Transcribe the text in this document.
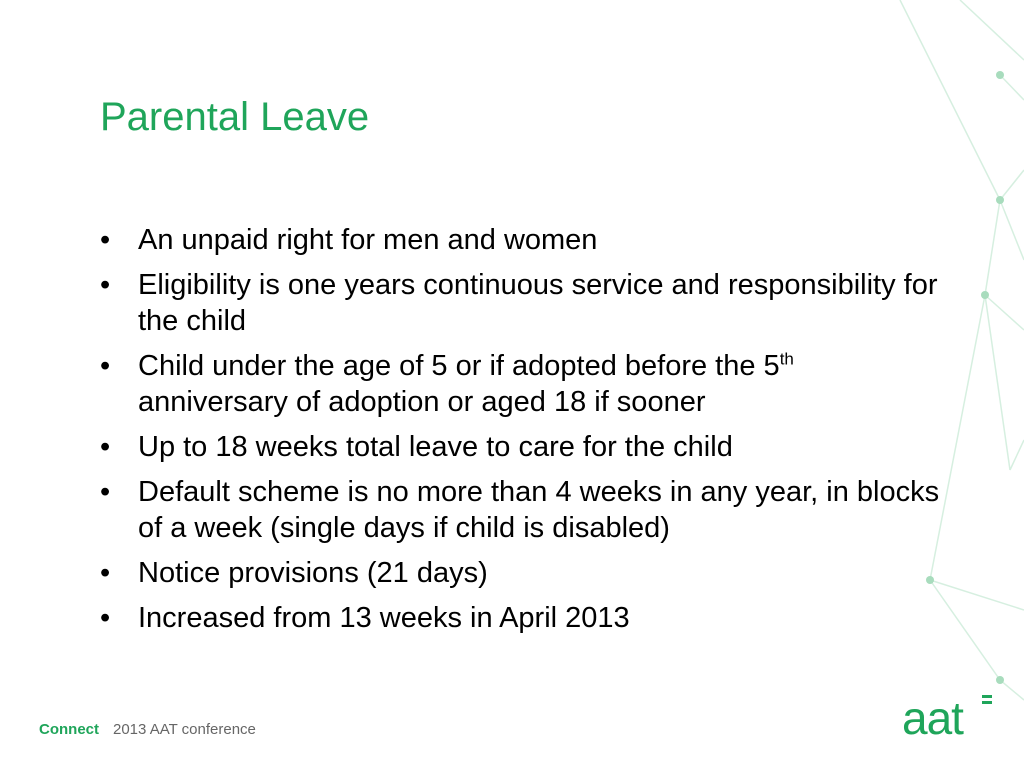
Parental Leave
• An unpaid right for men and women
• Eligibility is one years continuous service and responsibility for the child
• Child under the age of 5 or if adopted before the 5th anniversary of adoption or aged 18 if sooner
• Up to 18 weeks total leave to care for the child
• Default scheme is no more than 4 weeks in any year, in blocks of a week (single days if child is disabled)
• Notice provisions (21 days)
• Increased from 13 weeks in April 2013
Connect 2013 AAT conference	aat
